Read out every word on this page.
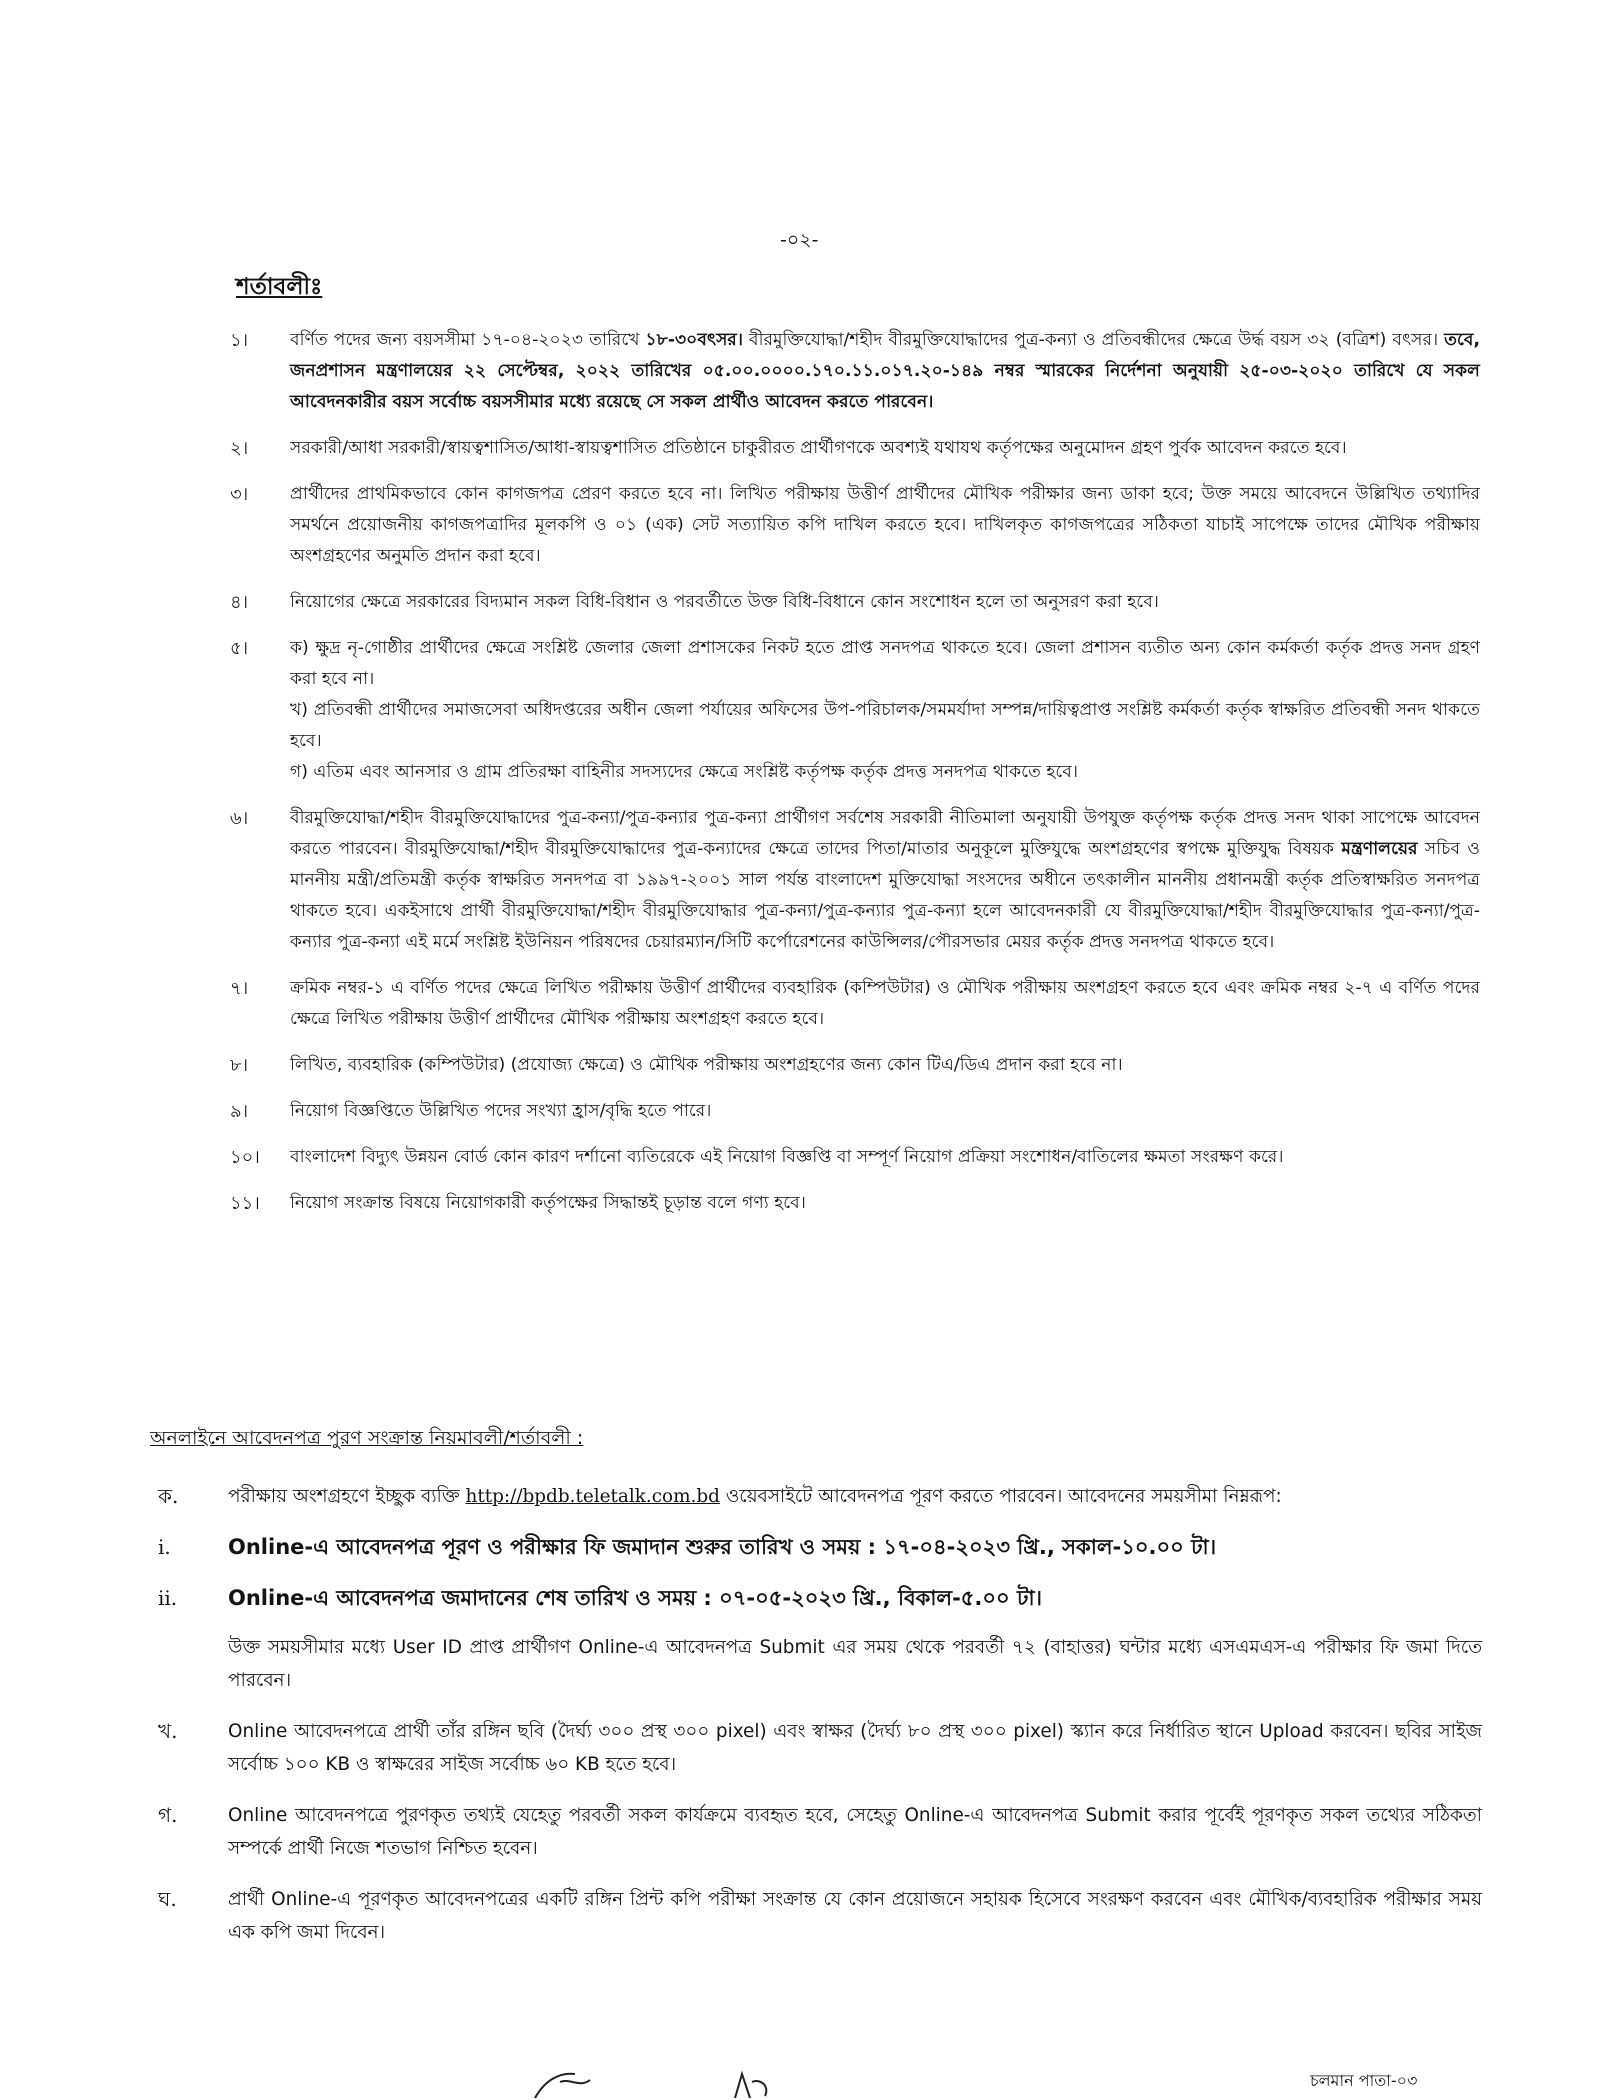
-০২-
শর্তাবলীঃ
১।	বর্ণিত পদের জন্য বয়সসীমা ১৭-০৪-২০২৩ তারিখে ১৮-৩০বৎসর। বীরমুক্তিযোদ্ধা/শহীদ বীরমুক্তিযোদ্ধাদের পুত্র-কন্যা ও প্রতিবন্ধীদের ক্ষেত্রে উর্দ্ধ বয়স ৩২ (বত্রিশ) বৎসর। তবে, জনপ্রশাসন মন্ত্রণালয়ের ২২ সেপ্টেম্বর, ২০২২ তারিখের ০৫.০০.০০০০.১৭০.১১.০১৭.২০-১৪৯ নম্বর স্মারকের নির্দেশনা অনুযায়ী ২৫-০৩-২০২০ তারিখে যে সকল আবেদনকারীর বয়স সর্বোচ্চ বয়সসীমার মধ্যে রয়েছে সে সকল প্রার্থীও আবেদন করতে পারবেন।
২।	সরকারী/আধা সরকারী/স্বায়ত্বশাসিত/আধা-স্বায়ত্বশাসিত প্রতিষ্ঠানে চাকুরীরত প্রার্থীগণকে অবশ্যই যথাযথ কর্তৃপক্ষের অনুমোদন গ্রহণ পুর্বক আবেদন করতে হবে।
৩।	প্রার্থীদের প্রাথমিকভাবে কোন কাগজপত্র প্রেরণ করতে হবে না। লিখিত পরীক্ষায় উত্তীর্ণ প্রার্থীদের মৌখিক পরীক্ষার জন্য ডাকা হবে; উক্ত সময়ে আবেদনে উল্লিখিত তথ্যাদির সমর্থনে প্রয়োজনীয় কাগজপত্রাদির মূলকপি ও ০১ (এক) সেট সত্যায়িত কপি দাখিল করতে হবে। দাখিলকৃত কাগজপত্রের সঠিকতা যাচাই সাপেক্ষে তাদের মৌখিক পরীক্ষায় অংশগ্রহণের অনুমতি প্রদান করা হবে।
৪।	নিয়োগের ক্ষেত্রে সরকারের বিদ্যমান সকল বিধি-বিধান ও পরবর্তীতে উক্ত বিধি-বিধানে কোন সংশোধন হলে তা অনুসরণ করা হবে।
৫।	ক) ক্ষুদ্র নৃ-গোষ্ঠীর প্রার্থীদের ক্ষেত্রে সংশ্লিষ্ট জেলার জেলা প্রশাসকের নিকট হতে প্রাপ্ত সনদপত্র থাকতে হবে। জেলা প্রশাসন ব্যতীত অন্য কোন কর্মকর্তা কর্তৃক প্রদত্ত সনদ গ্রহণ করা হবে না।

খ) প্রতিবন্ধী প্রার্থীদের সমাজসেবা অধিদপ্তরের অধীন জেলা পর্যায়ের অফিসের উপ-পরিচালক/সমমর্যাদা সম্পন্ন/দায়িত্বপ্রাপ্ত সংশ্লিষ্ট কর্মকর্তা কর্তৃক স্বাক্ষরিত প্রতিবন্ধী সনদ থাকতে হবে।

গ) এতিম এবং আনসার ও গ্রাম প্রতিরক্ষা বাহিনীর সদস্যদের ক্ষেত্রে সংশ্লিষ্ট কর্তৃপক্ষ কর্তৃক প্রদত্ত সনদপত্র থাকতে হবে।

৬।	বীরমুক্তিযোদ্ধা/শহীদ বীরমুক্তিযোদ্ধাদের পুত্র-কন্যা/পুত্র-কন্যার পুত্র-কন্যা প্রার্থীগণ সর্বশেষ সরকারী নীতিমালা অনুযায়ী উপযুক্ত কর্তৃপক্ষ কর্তৃক প্রদত্ত সনদ থাকা সাপেক্ষে আবেদন করতে পারবেন। বীরমুক্তিযোদ্ধা/শহীদ বীরমুক্তিযোদ্ধাদের পুত্র-কন্যাদের ক্ষেত্রে তাদের পিতা/মাতার অনুকূলে মুক্তিযুদ্ধে অংশগ্রহণের স্বপক্ষে মুক্তিযুদ্ধ বিষয়ক মন্ত্রণালয়ের সচিব ও মাননীয় মন্ত্রী/প্রতিমন্ত্রী কর্তৃক স্বাক্ষরিত সনদপত্র বা ১৯৯৭-২০০১ সাল পর্যন্ত বাংলাদেশ মুক্তিযোদ্ধা সংসদের অধীনে তৎকালীন মাননীয় প্রধানমন্ত্রী কর্তৃক প্রতিস্বাক্ষরিত সনদপত্র থাকতে হবে। একইসাথে প্রার্থী বীরমুক্তিযোদ্ধা/শহীদ বীরমুক্তিযোদ্ধার পুত্র-কন্যা/পুত্র-কন্যার পুত্র-কন্যা হলে আবেদনকারী যে বীরমুক্তিযোদ্ধা/শহীদ বীরমুক্তিযোদ্ধার পুত্র-কন্যা/পুত্র-কন্যার পুত্র-কন্যা এই মর্মে সংশ্লিষ্ট ইউনিয়ন পরিষদের চেয়ারম্যান/সিটি কর্পোরেশনের কাউন্সিলর/পৌরসভার মেয়র কর্তৃক প্রদত্ত সনদপত্র থাকতে হবে।
৭।	ক্রমিক নম্বর-১ এ বর্ণিত পদের ক্ষেত্রে লিখিত পরীক্ষায় উত্তীর্ণ প্রার্থীদের ব্যবহারিক (কম্পিউটার) ও মৌখিক পরীক্ষায় অংশগ্রহণ করতে হবে এবং ক্রমিক নম্বর ২-৭ এ বর্ণিত পদের ক্ষেত্রে লিখিত পরীক্ষায় উত্তীর্ণ প্রার্থীদের মৌখিক পরীক্ষায় অংশগ্রহণ করতে হবে।
৮।	লিখিত, ব্যবহারিক (কম্পিউটার) (প্রযোজ্য ক্ষেত্রে) ও মৌখিক পরীক্ষায় অংশগ্রহণের জন্য কোন টিএ/ডিএ প্রদান করা হবে না।
৯।	নিয়োগ বিজ্ঞপ্তিতে উল্লিখিত পদের সংখ্যা হ্রাস/বৃদ্ধি হতে পারে।
১০।	বাংলাদেশ বিদ্যুৎ উন্নয়ন বোর্ড কোন কারণ দর্শানো ব্যতিরেকে এই নিয়োগ বিজ্ঞপ্তি বা সম্পূর্ণ নিয়োগ প্রক্রিয়া সংশোধন/বাতিলের ক্ষমতা সংরক্ষণ করে।
১১।	নিয়োগ সংক্রান্ত বিষয়ে নিয়োগকারী কর্তৃপক্ষের সিদ্ধান্তই চূড়ান্ত বলে গণ্য হবে।
অনলাইনে আবেদনপত্র পুরণ সংক্রান্ত নিয়মাবলী/শর্তাবলী :
ক.	পরীক্ষায় অংশগ্রহণে ইচ্ছুক ব্যক্তি http://bpdb.teletalk.com.bd ওয়েবসাইটে আবেদনপত্র পূরণ করতে পারবেন। আবেদনের সময়সীমা নিম্নরূপ:
i.	Online-এ আবেদনপত্র পূরণ ও পরীক্ষার ফি জমাদান শুরুর তারিখ ও সময় : ১৭-০৪-২০২৩ খ্রি., সকাল-১০.০০ টা।
ii.	Online-এ আবেদনপত্র জমাদানের শেষ তারিখ ও সময় : ০৭-০৫-২০২৩ খ্রি., বিকাল-৫.০০ টা।
উক্ত সময়সীমার মধ্যে User ID প্রাপ্ত প্রার্থীগণ Online-এ আবেদনপত্র Submit এর সময় থেকে পরবর্তী ৭২ (বাহাত্তর) ঘন্টার মধ্যে এসএমএস-এ পরীক্ষার ফি জমা দিতে পারবেন।
খ.	Online আবেদনপত্রে প্রার্থী তাঁর রঙ্গিন ছবি (দৈর্ঘ্য ৩০০ প্রস্থ ৩০০ pixel) এবং স্বাক্ষর (দৈর্ঘ্য ৮০ প্রস্থ ৩০০ pixel) স্ক্যান করে নির্ধারিত স্থানে Upload করবেন। ছবির সাইজ সর্বোচ্চ ১০০ KB ও স্বাক্ষরের সাইজ সর্বোচ্চ ৬০ KB হতে হবে।
গ.	Online আবেদনপত্রে পুরণকৃত তথ্যই যেহেতু পরবর্তী সকল কার্যক্রমে ব্যবহৃত হবে, সেহেতু Online-এ আবেদনপত্র Submit করার পূর্বেই পূরণকৃত সকল তথ্যের সঠিকতা সম্পর্কে প্রার্থী নিজে শতভাগ নিশ্চিত হবেন।
ঘ.	প্রার্থী Online-এ পূরণকৃত আবেদনপত্রের একটি রঙ্গিন প্রিন্ট কপি পরীক্ষা সংক্রান্ত যে কোন প্রয়োজনে সহায়ক হিসেবে সংরক্ষণ করবেন এবং মৌখিক/ব্যবহারিক পরীক্ষার সময় এক কপি জমা দিবেন।
চলমান পাতা-০৩
